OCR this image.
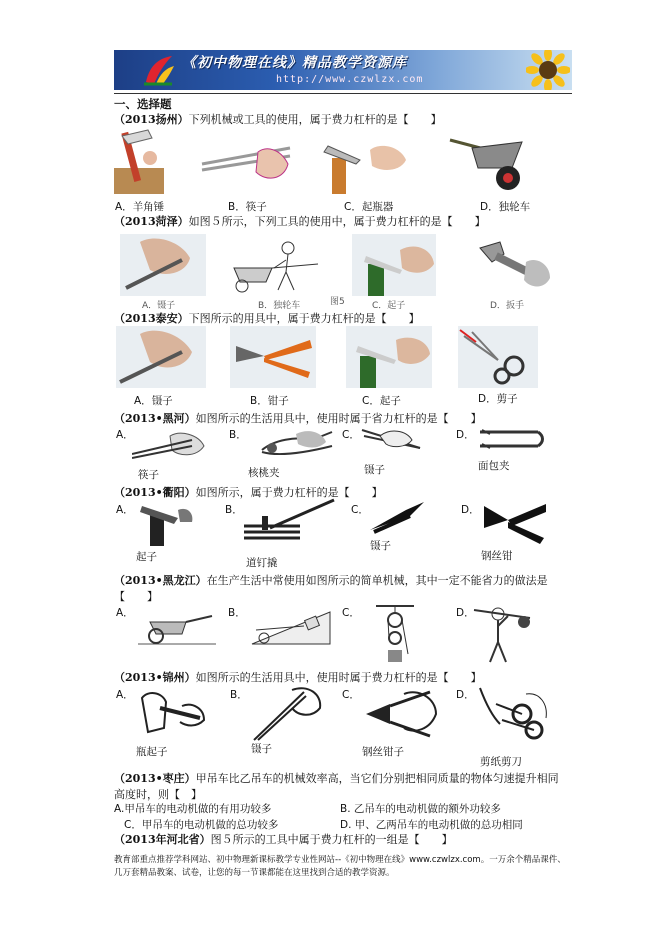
《初中物理在线》精品教学资源库
http://www.czwlzx.com
一、选择题
（2013扬州）下列机械或工具的使用，属于费力杠杆的是【　　】
A．羊角锤	B．筷子	C．起瓶器	D．独轮车
（2013菏泽）如图５所示，下列工具的使用中，属于费力杠杆的是【　　】
A．镊子	B．独轮车	图5	C．起子	D．扳手
（2013泰安）下图所示的用具中，属于费力杠杆的是【　　】
A．镊子	B．钳子	C．起子	D．剪子
（2013•黑河）如图所示的生活用具中，使用时属于省力杠杆的是【　　】
A．	B．	C．	D．
筷子	核桃夹	镊子	面包夹
（2013•衢阳）如图所示，属于费力杠杆的是【　　】
A．	B．	C．	D．
起子	道钉撬
镊子
钢丝钳
（2013•黑龙江）在生产生活中常使用如图所示的简单机械，其中一定不能省力的做法是
【　　】
A．	B．	C．	D．
（2013•锦州）如图所示的生活用具中，使用时属于费力杠杆的是【　　】
A．	B．	C．	D．
瓶起子	镊子	钢丝钳子
剪纸剪刀
（2013•枣庄）甲吊车比乙吊车的机械效率高，当它们分别把相同质量的物体匀速提升相同
高度时，则【　】
A.甲吊车的电动机做的有用功较多	B. 乙吊车的电动机做的额外功较多
C．甲吊车的电动机做的总功较多	D. 甲、乙两吊车的电动机做的总功相同
（2013年河北省）图５所示的工具中属于费力杠杆的一组是【　　】
教育部重点推荐学科网站、初中物理新课标教学专业性网站--《初中物理在线》www.czwlzx.com。一万余个精品课件、几万套精品教案、试卷，让您的每一节课都能在这里找到合适的教学资源。
